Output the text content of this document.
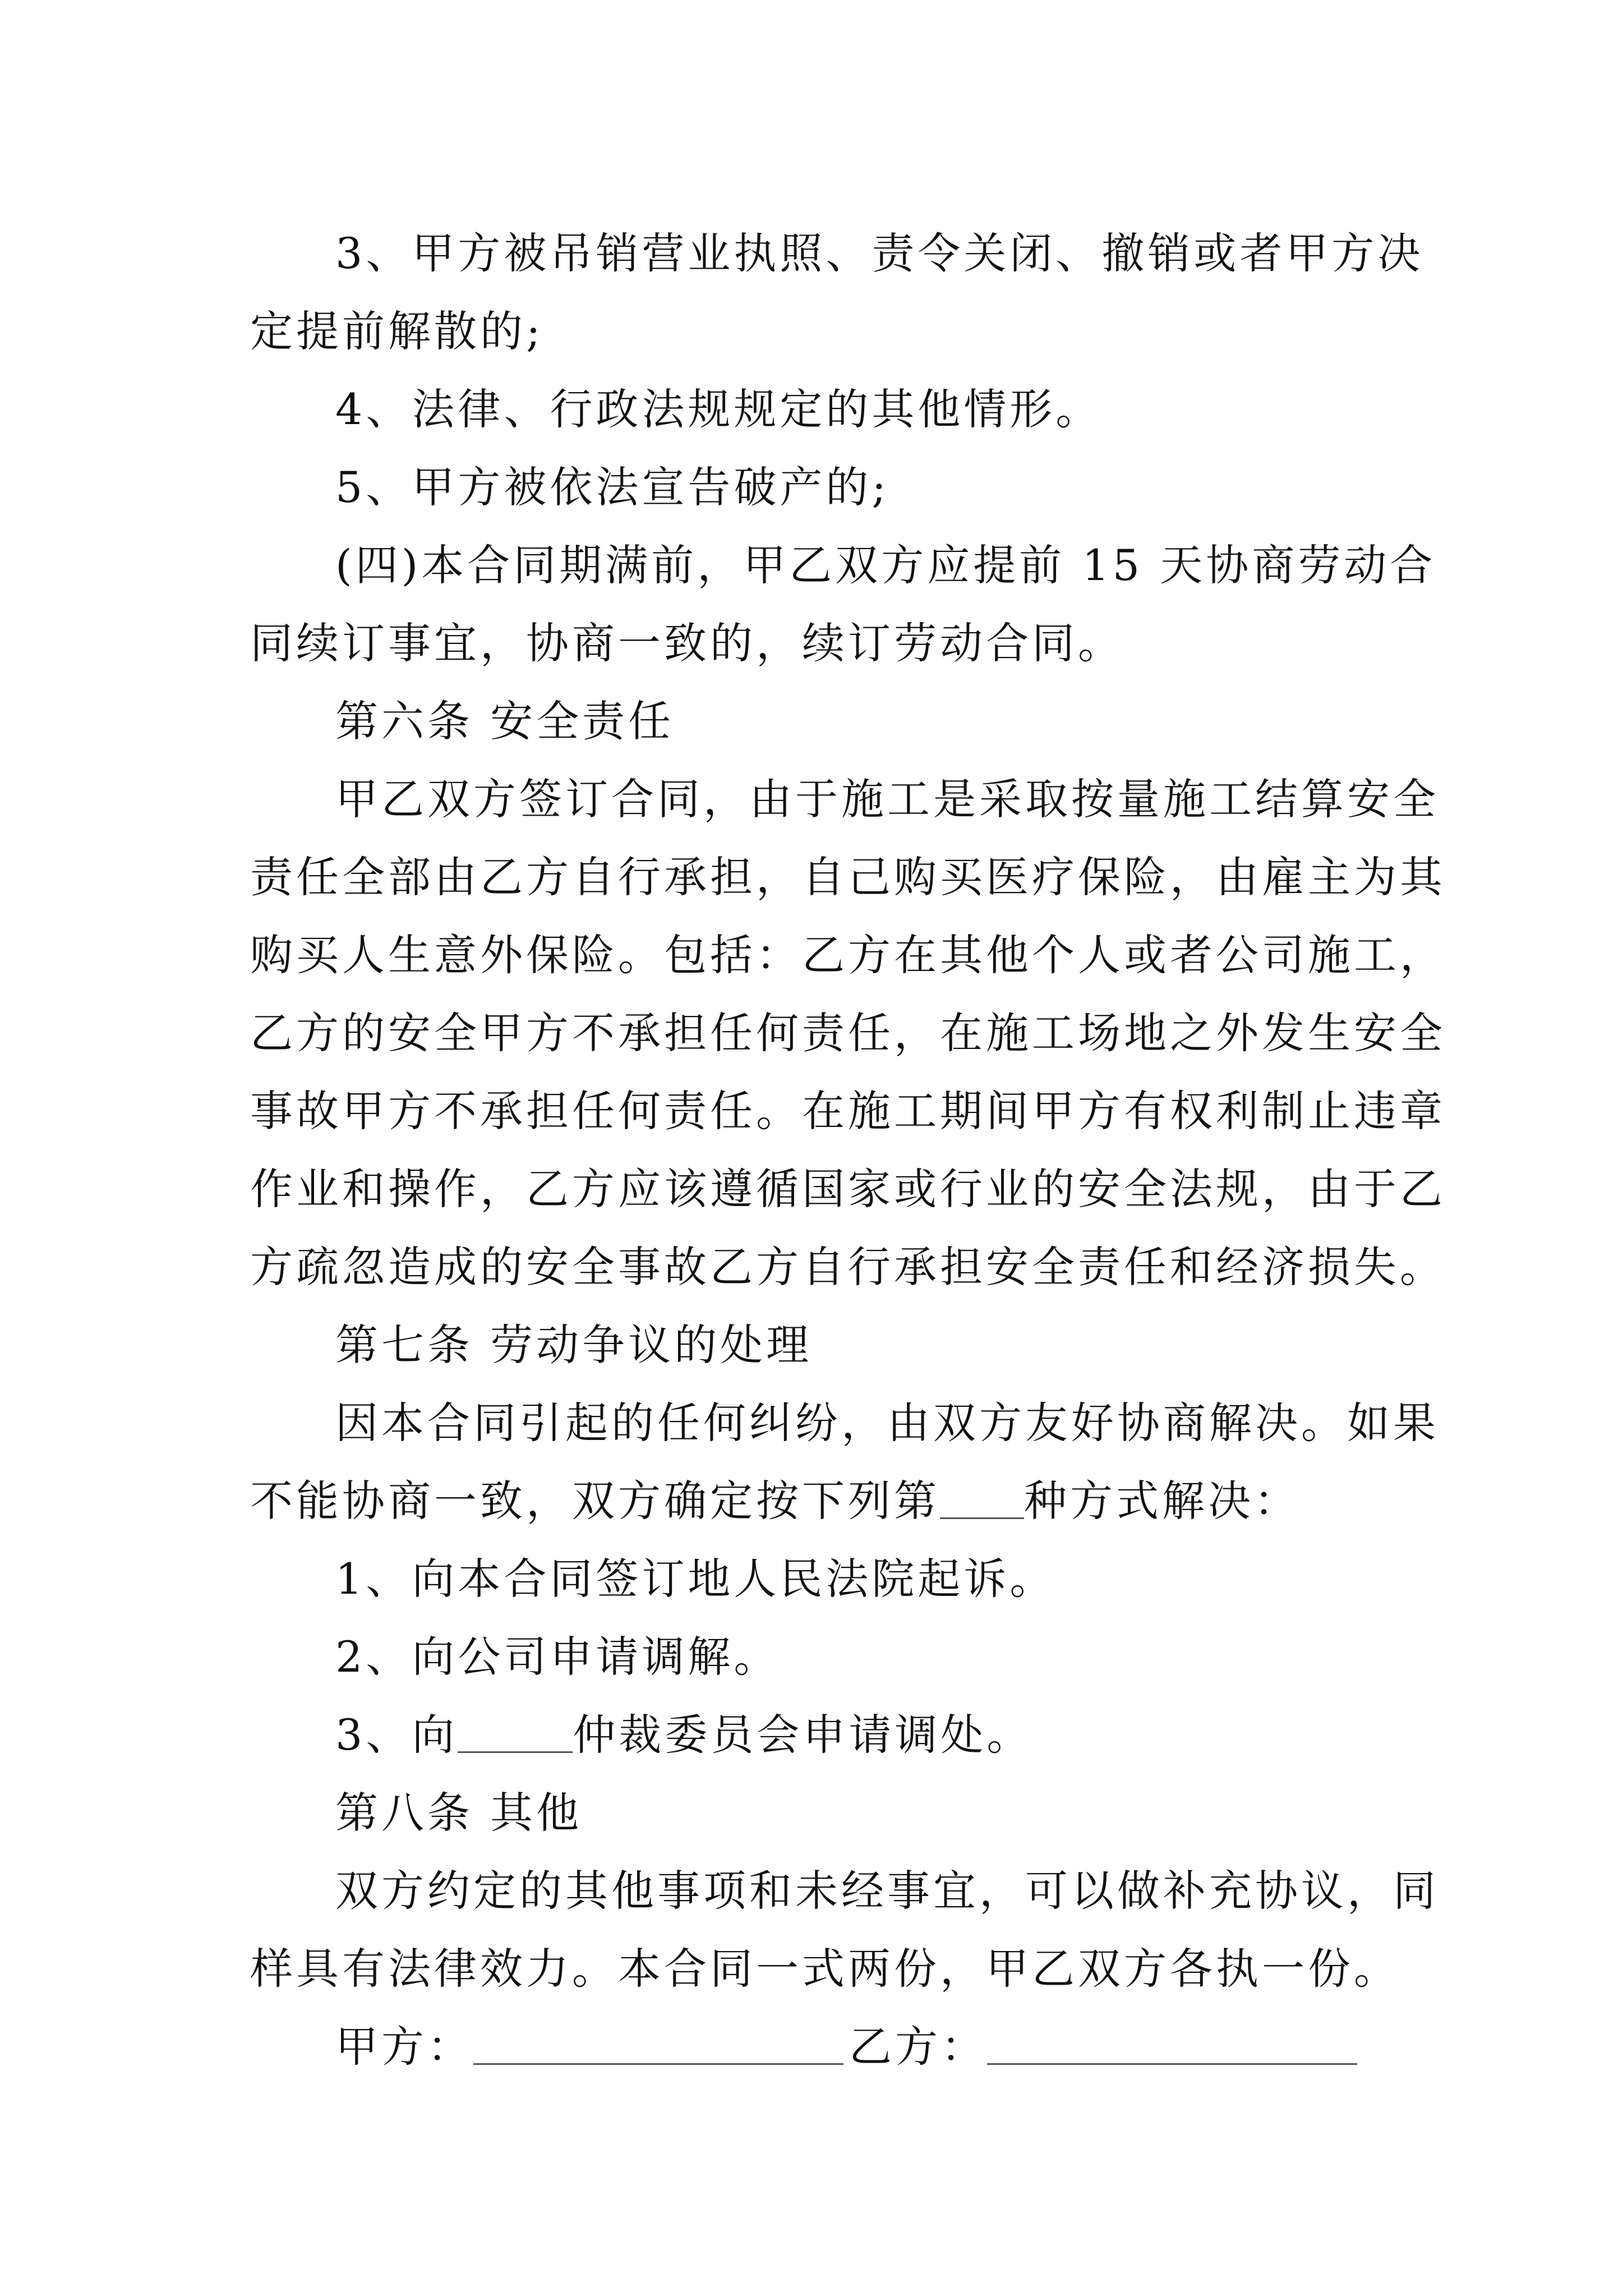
3、甲方被吊销营业执照、责令关闭、撤销或者甲方决
定提前解散的;
4、法律、行政法规规定的其他情形。
5、甲方被依法宣告破产的;
(四)本合同期满前，甲乙双方应提前 15 天协商劳动合
同续订事宜，协商一致的，续订劳动合同。
第六条 安全责任
甲乙双方签订合同，由于施工是采取按量施工结算安全
责任全部由乙方自行承担，自己购买医疗保险，由雇主为其
购买人生意外保险。包括：乙方在其他个人或者公司施工，
乙方的安全甲方不承担任何责任，在施工场地之外发生安全
事故甲方不承担任何责任。在施工期间甲方有权利制止违章
作业和操作，乙方应该遵循国家或行业的安全法规，由于乙
方疏忽造成的安全事故乙方自行承担安全责任和经济损失。
第七条 劳动争议的处理
因本合同引起的任何纠纷，由双方友好协商解决。如果
不能协商一致，双方确定按下列第 种方式解决：
1、向本合同签订地人民法院起诉。
2、向公司申请调解。
3、向	仲裁委员会申请调处。
第八条 其他
双方约定的其他事项和未经事宜，可以做补充协议，同
样具有法律效力。本合同一式两份，甲乙双方各执一份。
甲方：	乙方：
